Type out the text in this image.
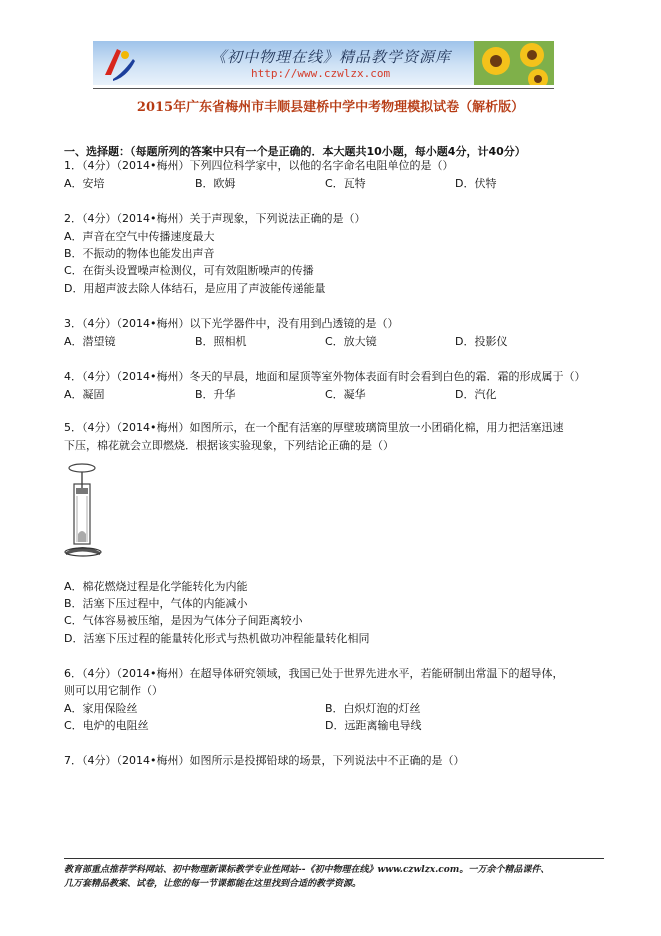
《初中物理在线》精品教学资源库
http://www.czwlzx.com
2015年广东省梅州市丰顺县建桥中学中考物理模拟试卷（解析版）
一、选择题：（每题所列的答案中只有一个是正确的．本大题共10小题，每小题4分，计40分）
1．（4分）（2014•梅州）下列四位科学家中，以他的名字命名电阻单位的是（）
A．安培	B．欧姆	C．瓦特	D．伏特
2．（4分）（2014•梅州）关于声现象，下列说法正确的是（）
A．声音在空气中传播速度最大
B．不振动的物体也能发出声音
C．在街头设置噪声检测仪，可有效阻断噪声的传播
D．用超声波去除人体结石，是应用了声波能传递能量
3．（4分）（2014•梅州）以下光学器件中，没有用到凸透镜的是（）
A．潜望镜	B．照相机	C．放大镜	D．投影仪
4．（4分）（2014•梅州）冬天的早晨，地面和屋顶等室外物体表面有时会看到白色的霜．霜的形成属于（）
A．凝固	B．升华	C．凝华	D．汽化
5．（4分）（2014•梅州）如图所示，在一个配有活塞的厚壁玻璃筒里放一小团硝化棉，用力把活塞迅速
下压，棉花就会立即燃烧．根据该实验现象，下列结论正确的是（）
A．棉花燃烧过程是化学能转化为内能
B．活塞下压过程中，气体的内能减小
C．气体容易被压缩，是因为气体分子间距离较小
D．活塞下压过程的能量转化形式与热机做功冲程能量转化相同
6．（4分）（2014•梅州）在超导体研究领域，我国已处于世界先进水平，若能研制出常温下的超导体，
则可以用它制作（）
A．家用保险丝	B．白炽灯泡的灯丝
C．电炉的电阻丝	D．远距离输电导线
7．（4分）（2014•梅州）如图所示是投掷铅球的场景，下列说法中不正确的是（）
教育部重点推荐学科网站、初中物理新课标教学专业性网站--《初中物理在线》www.czwlzx.com。一万余个精品课件、
几万套精品教案、试卷，让您的每一节课都能在这里找到合适的教学资源。
